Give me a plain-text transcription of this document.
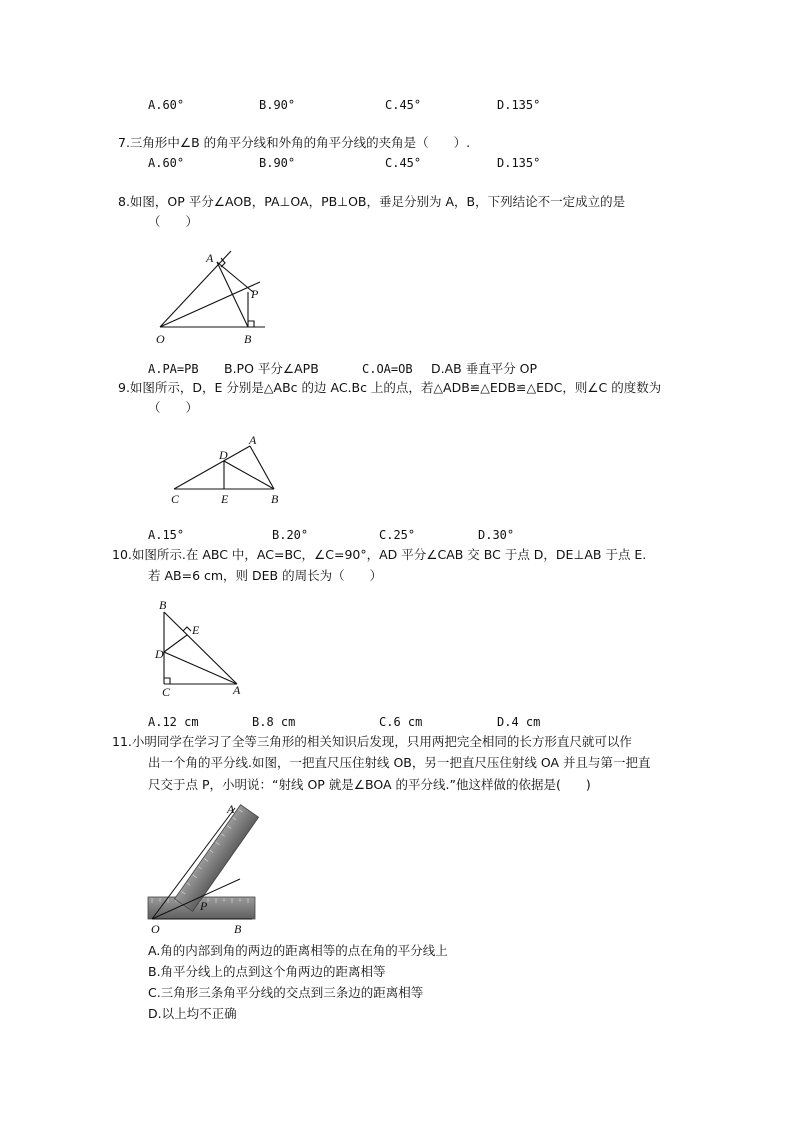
A.60°	B.90°	C.45°	D.135°
7.三角形中∠B 的角平分线和外角的角平分线的夹角是（　　）.
A.60°	B.90°	C.45°	D.135°
8.如图，OP 平分∠AOB，PA⊥OA，PB⊥OB，垂足分别为 A，B，下列结论不一定成立的是
（　　）
A
P
O	B
A.PA=PB B.PO 平分∠APB	C.OA=OB D.AB 垂直平分 OP
9.如图所示，D，E 分别是△ABc 的边 AC.Bc 上的点，若△ADB≌△EDB≌△EDC，则∠C 的度数为
（　　）
A
D
C	E	B
A.15°	B.20°	C.25°	D.30°
10.如图所示.在 ABC 中，AC=BC，∠C=90°，AD 平分∠CAB 交 BC 于点 D，DE⊥AB 于点 E.
若 AB=6 cm，则 DEB 的周长为（　　）
B
E
D
C	A
A.12 cm	B.8 cm	C.6 cm	D.4 cm
11.小明同学在学习了全等三角形的相关知识后发现，只用两把完全相同的长方形直尺就可以作
出一个角的平分线.如图，一把直尺压住射线 OB，另一把直尺压住射线 OA 并且与第一把直
尺交于点 P，小明说：“射线 OP 就是∠BOA 的平分线.”他这样做的依据是(　　)
A
P
O	B
A.角的内部到角的两边的距离相等的点在角的平分线上
B.角平分线上的点到这个角两边的距离相等
C.三角形三条角平分线的交点到三条边的距离相等
D.以上均不正确
